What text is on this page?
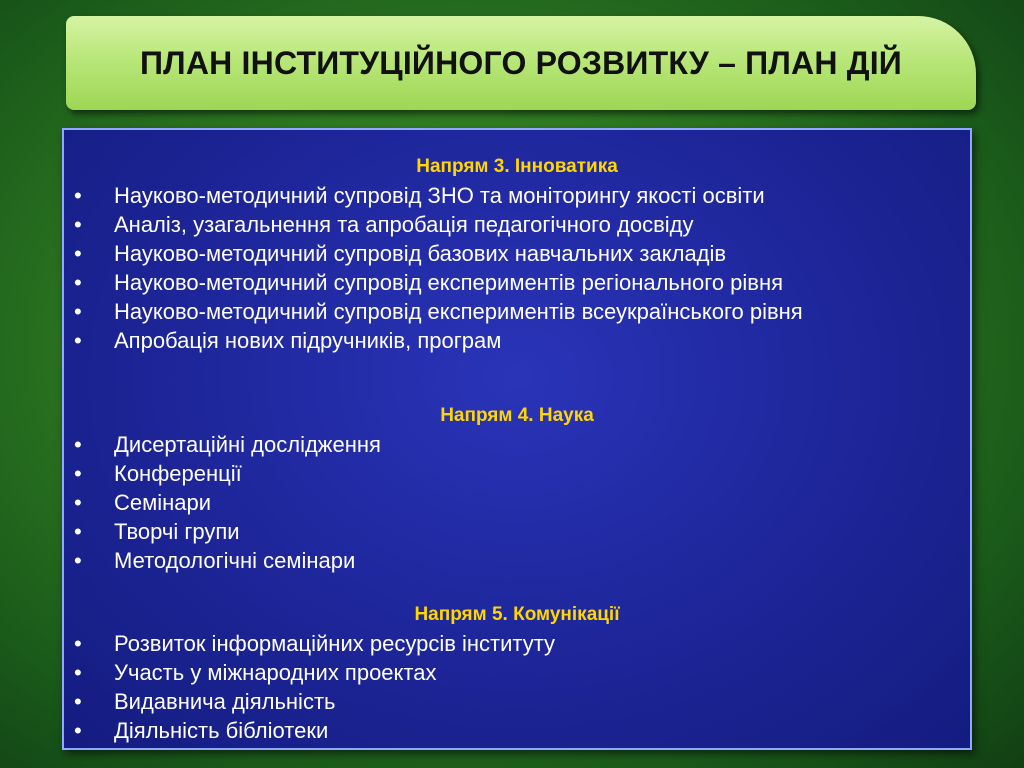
ПЛАН ІНСТИТУЦІЙНОГО РОЗВИТКУ – ПЛАН ДІЙ
Напрям 3. Інноватика
• Науково-методичний супровід ЗНО та моніторингу якості освіти
• Аналіз, узагальнення та апробація педагогічного досвіду
• Науково-методичний супровід базових навчальних закладів
• Науково-методичний супровід експериментів регіонального рівня
• Науково-методичний супровід експериментів всеукраїнського рівня
• Апробація нових підручників, програм
Напрям 4. Наука
• Дисертаційні дослідження
• Конференції
• Семінари
• Творчі групи
• Методологічні семінари
Напрям 5. Комунікації
• Розвиток інформаційних ресурсів інституту
• Участь у міжнародних проектах
• Видавнича діяльність
• Діяльність бібліотеки
